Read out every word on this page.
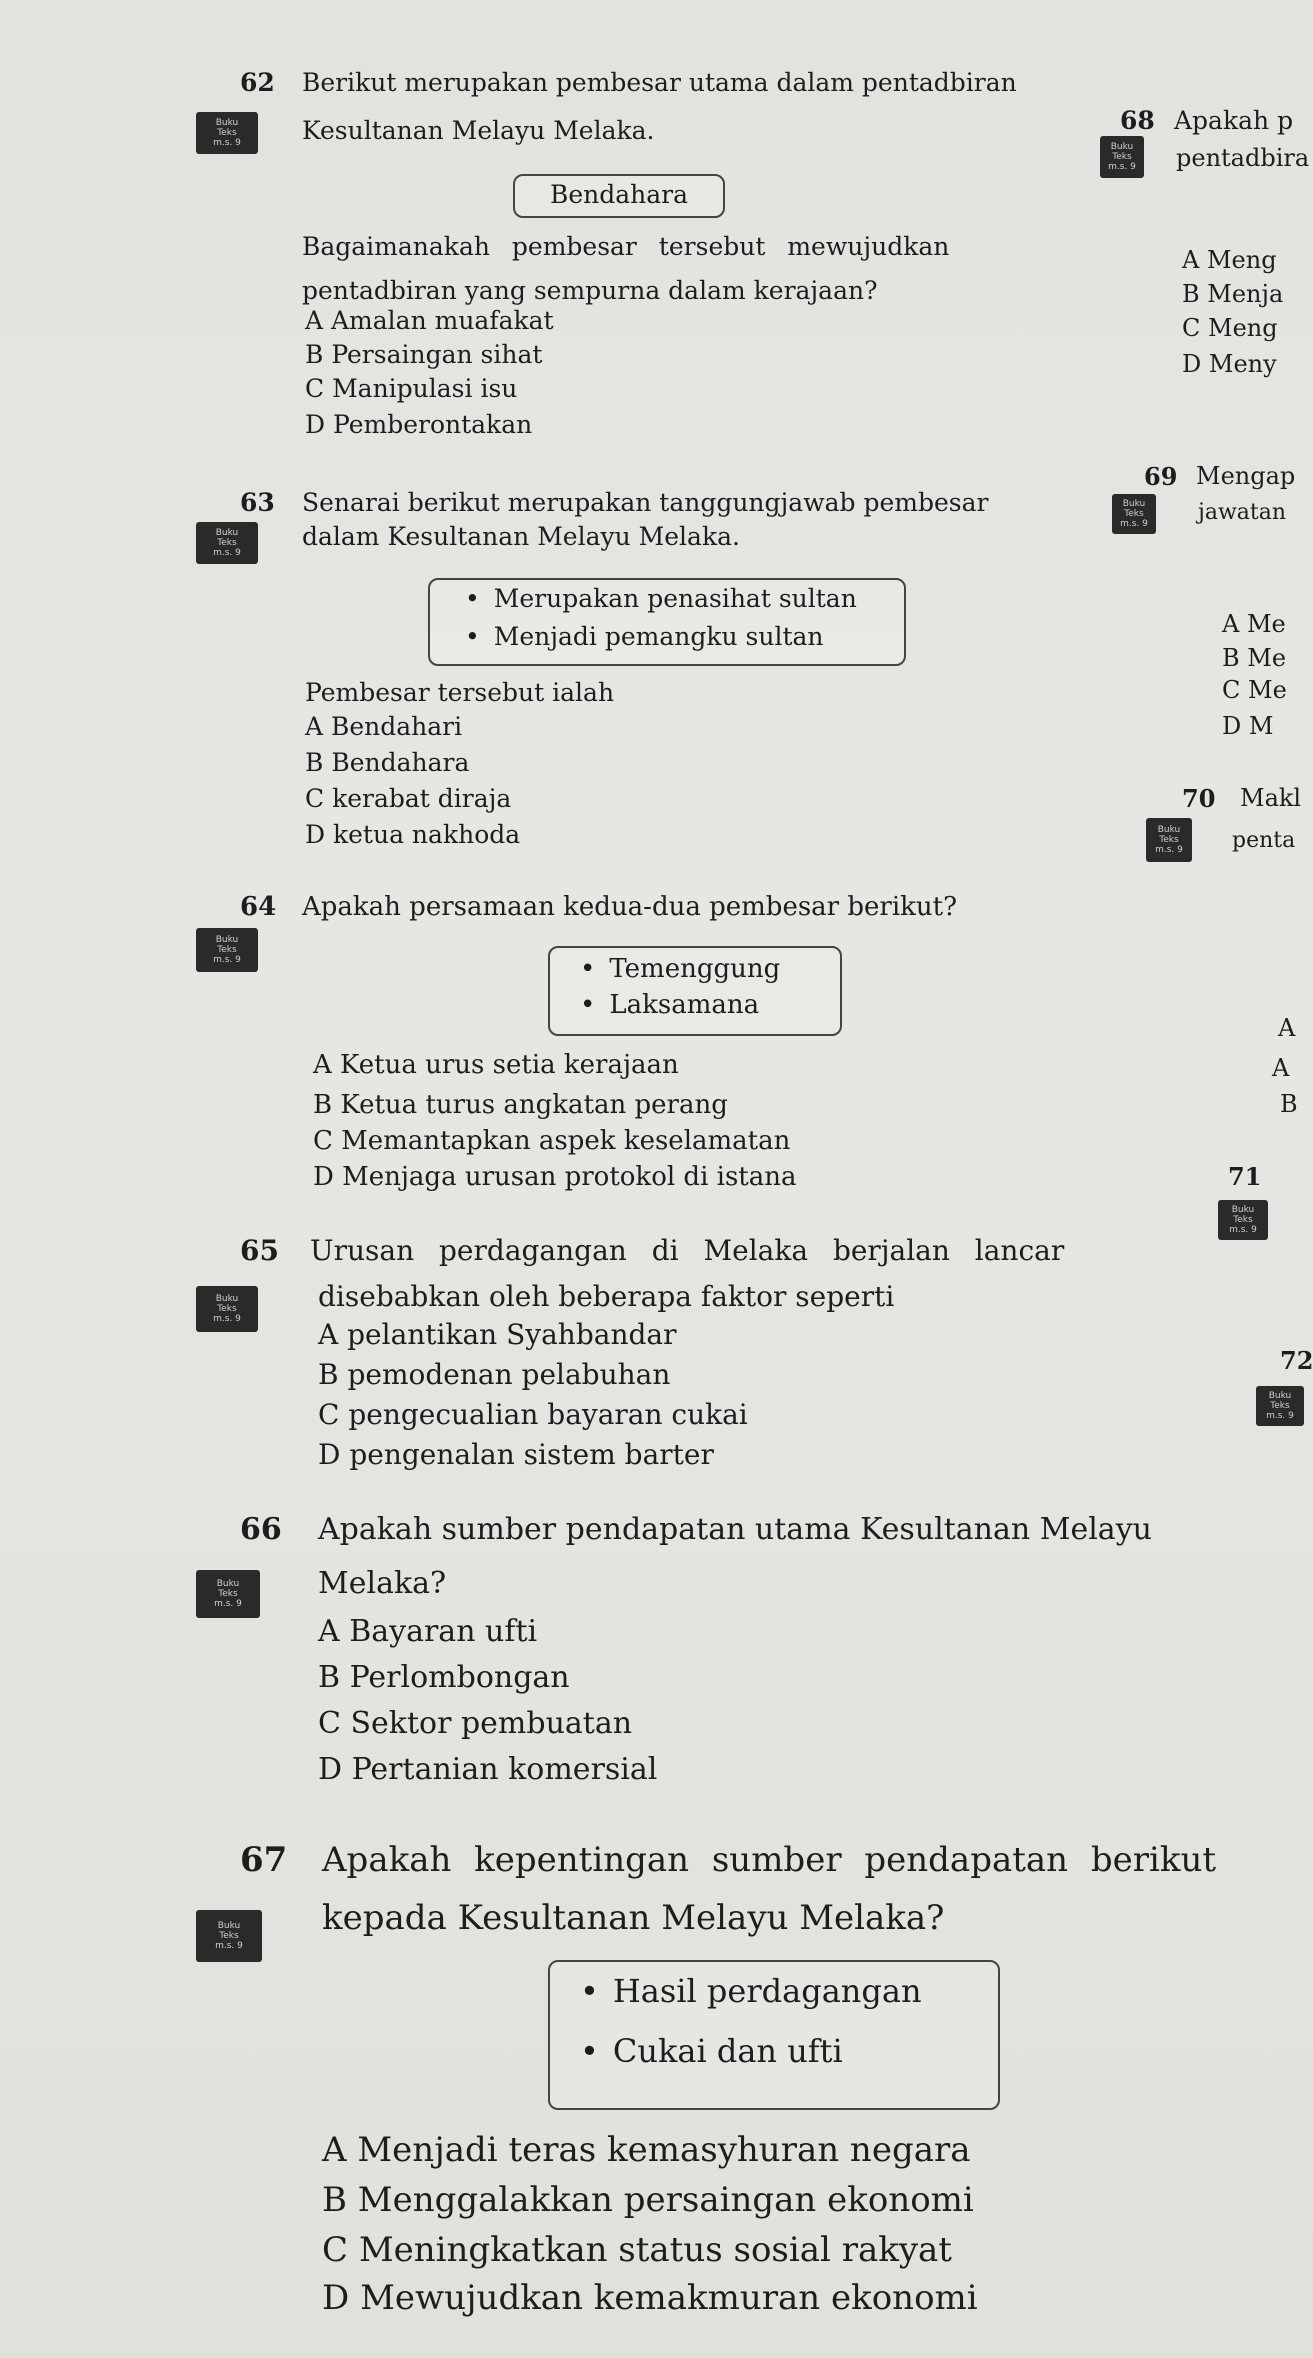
62 Berikut merupakan pembesar utama dalam pentadbiran
Buku
Teks
m.s. 9	Kesultanan Melayu Melaka.
Bendahara
Bagaimanakah pembesar tersebut mewujudkan
pentadbiran yang sempurna dalam kerajaan?
A Amalan muafakat
B Persaingan sihat
C Manipulasi isu
D Pemberontakan
63 Senarai berikut merupakan tanggungjawab pembesar
Buku
Teks
m.s. 9
dalam Kesultanan Melayu Melaka.
• Merupakan penasihat sultan
• Menjadi pemangku sultan
Pembesar tersebut ialah
A Bendahari
B Bendahara
C kerabat diraja
D ketua nakhoda
64 Apakah persamaan kedua-dua pembesar berikut?
Buku
Teks
m.s. 9
•	Temenggung
• Laksamana
A Ketua urus setia kerajaan
B Ketua turus angkatan perang
C Memantapkan aspek keselamatan
D Menjaga urusan protokol di istana
65 Urusan perdagangan di Melaka berjalan lancar
Buku
Teks
m.s. 9
disebabkan oleh beberapa faktor seperti
A pelantikan Syahbandar
B pemodenan pelabuhan
C pengecualian bayaran cukai
D pengenalan sistem barter
66 Apakah sumber pendapatan utama Kesultanan Melayu
Buku
Teks
m.s. 9
Melaka?
A Bayaran ufti
B Perlombongan
C Sektor pembuatan
D Pertanian komersial
67 Apakah kepentingan sumber pendapatan berikut
Buku
Teks
m.s. 9
kepada Kesultanan Melayu Melaka?
• Hasil perdagangan
• Cukai dan ufti
A Menjadi teras kemasyhuran negara
B Menggalakkan persaingan ekonomi
C Meningkatkan status sosial rakyat
D Mewujudkan kemakmuran ekonomi
68 Apakah p
Buku
Teks
m.s. 9	pentadbira
A Meng
B Menja
C Meng
D Meny
69 Mengap
Buku
Teks
m.s. 9	jawatan
A Me
B Me
C Me
D M
70 Makl
Buku
Teks
m.s. 9	penta
A
A
B
71
Buku
Teks
m.s. 9
72
Buku
Teks
m.s. 9
